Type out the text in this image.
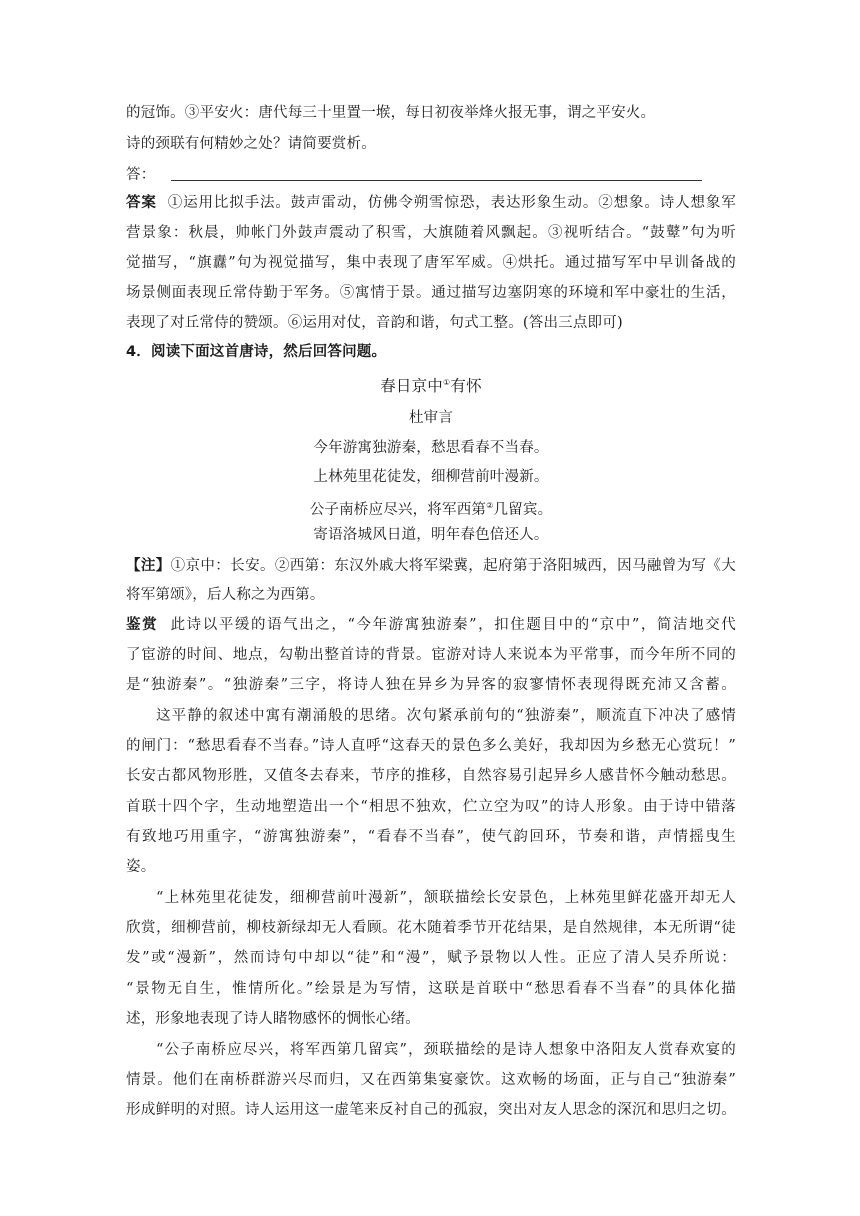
的冠饰。③平安火：唐代每三十里置一堠，每日初夜举烽火报无事，谓之平安火。
诗的颈联有何精妙之处？请简要赏析。
答：
答案 ①运用比拟手法。鼓声雷动，仿佛令朔雪惊恐，表达形象生动。②想象。诗人想象军
营景象：秋晨，帅帐门外鼓声震动了积雪，大旗随着风飘起。③视听结合。“鼓鼙”句为听
觉描写，“旗纛”句为视觉描写，集中表现了唐军军威。④烘托。通过描写军中早训备战的
场景侧面表现丘常侍勤于军务。⑤寓情于景。通过描写边塞阴寒的环境和军中豪壮的生活，
表现了对丘常侍的赞颂。⑥运用对仗，音韵和谐，句式工整。(答出三点即可)
4．阅读下面这首唐诗，然后回答问题。
春日京中①有怀
杜审言
今年游寓独游秦，愁思看春不当春。
上林苑里花徒发，细柳营前叶漫新。
公子南桥应尽兴，将军西第②几留宾。
寄语洛城风日道，明年春色倍还人。
【注】①京中：长安。②西第：东汉外戚大将军梁冀，起府第于洛阳城西，因马融曾为写《大
将军第颂》，后人称之为西第。
鉴赏 此诗以平缓的语气出之，“今年游寓独游秦”，扣住题目中的“京中”，简洁地交代
了宦游的时间、地点，勾勒出整首诗的背景。宦游对诗人来说本为平常事，而今年所不同的
是“独游秦”。“独游秦”三字，将诗人独在异乡为异客的寂寥情怀表现得既充沛又含蓄。
这平静的叙述中寓有潮涌般的思绪。次句紧承前句的“独游秦”，顺流直下冲决了感情
的闸门：“愁思看春不当春。”诗人直呼“这春天的景色多么美好，我却因为乡愁无心赏玩！”
长安古都风物形胜，又值冬去春来，节序的推移，自然容易引起异乡人感昔怀今触动愁思。
首联十四个字，生动地塑造出一个“相思不独欢，伫立空为叹”的诗人形象。由于诗中错落
有致地巧用重字，“游寓独游秦”，“看春不当春”，使气韵回环，节奏和谐，声情摇曳生
姿。
“上林苑里花徒发，细柳营前叶漫新”，颔联描绘长安景色，上林苑里鲜花盛开却无人
欣赏，细柳营前，柳枝新绿却无人看顾。花木随着季节开花结果，是自然规律，本无所谓“徒
发”或“漫新”，然而诗句中却以“徒”和“漫”，赋予景物以人性。正应了清人吴乔所说：
“景物无自生，惟情所化。”绘景是为写情，这联是首联中“愁思看春不当春”的具体化描
述，形象地表现了诗人睹物感怀的惆怅心绪。
“公子南桥应尽兴，将军西第几留宾”，颈联描绘的是诗人想象中洛阳友人赏春欢宴的
情景。他们在南桥群游兴尽而归，又在西第集宴豪饮。这欢畅的场面，正与自己“独游秦”
形成鲜明的对照。诗人运用这一虚笔来反衬自己的孤寂，突出对友人思念的深沉和思归之切。
